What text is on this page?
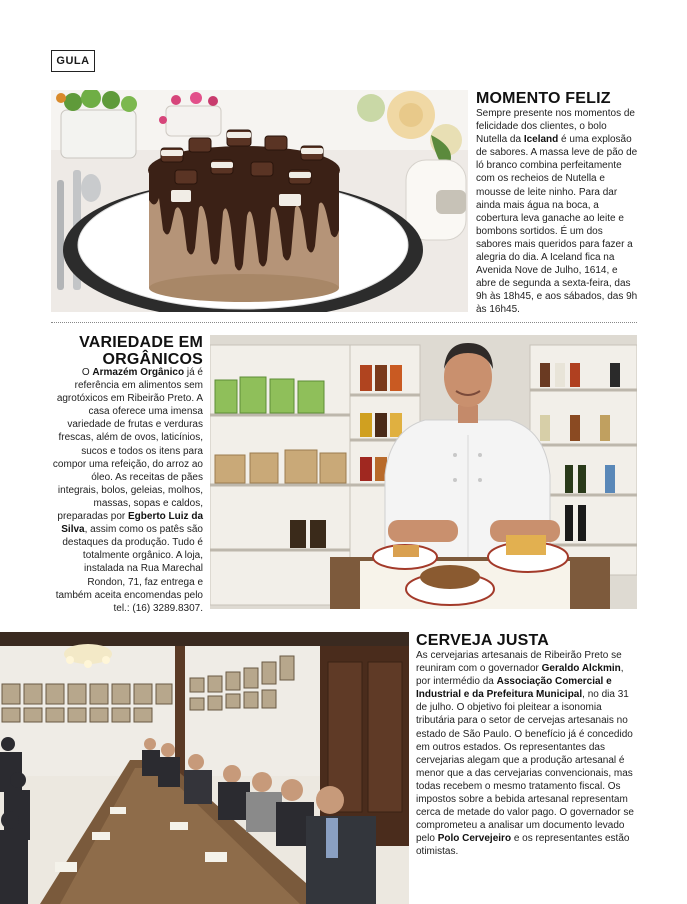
GULA
MOMENTO FELIZ

Sempre presente nos momentos de felicidade dos clientes, o bolo Nutella da Iceland é uma explosão de sabores. A massa leve de pão de ló branco combina perfeitamente com os recheios de Nutella e mousse de leite ninho. Para dar ainda mais água na boca, a cobertura leva ganache ao leite e bombons sortidos. É um dos sabores mais queridos para fazer a alegria do dia. A Iceland fica na Avenida Nove de Julho, 1614, e abre de segunda a sexta-feira, das 9h às 18h45, e aos sábados, das 9h às 16h45.

VARIEDADE EM
ORGÂNICOS

O Armazém Orgânico já é referência em alimentos sem agrotóxicos em Ribeirão Preto. A casa oferece uma imensa variedade de frutas e verduras frescas, além de ovos, laticínios, sucos e todos os itens para compor uma refeição, do arroz ao óleo. As receitas de pães integrais, bolos, geleias, molhos, massas, sopas e caldos, preparadas por Egberto Luiz da Silva, assim como os patês são destaques da produção. Tudo é totalmente orgânico. A loja, instalada na Rua Marechal Rondon, 71, faz entrega e também aceita encomendas pelo tel.: (16) 3289.8307.

CERVEJA JUSTA

As cervejarias artesanais de Ribeirão Preto se reuniram com o governador Geraldo Alckmin, por intermédio da Associação Comercial e Industrial e da Prefeitura Municipal, no dia 31 de julho. O objetivo foi pleitear a isonomia tributária para o setor de cervejas artesanais no estado de São Paulo. O benefício já é concedido em outros estados. Os representantes das cervejarias alegam que a produção artesanal é menor que a das cervejarias convencionais, mas todas recebem o mesmo tratamento fiscal. Os impostos sobre a bebida artesanal representam cerca de metade do valor pago. O governador se comprometeu a analisar um documento levado pelo Polo Cervejeiro e os representantes estão otimistas.
